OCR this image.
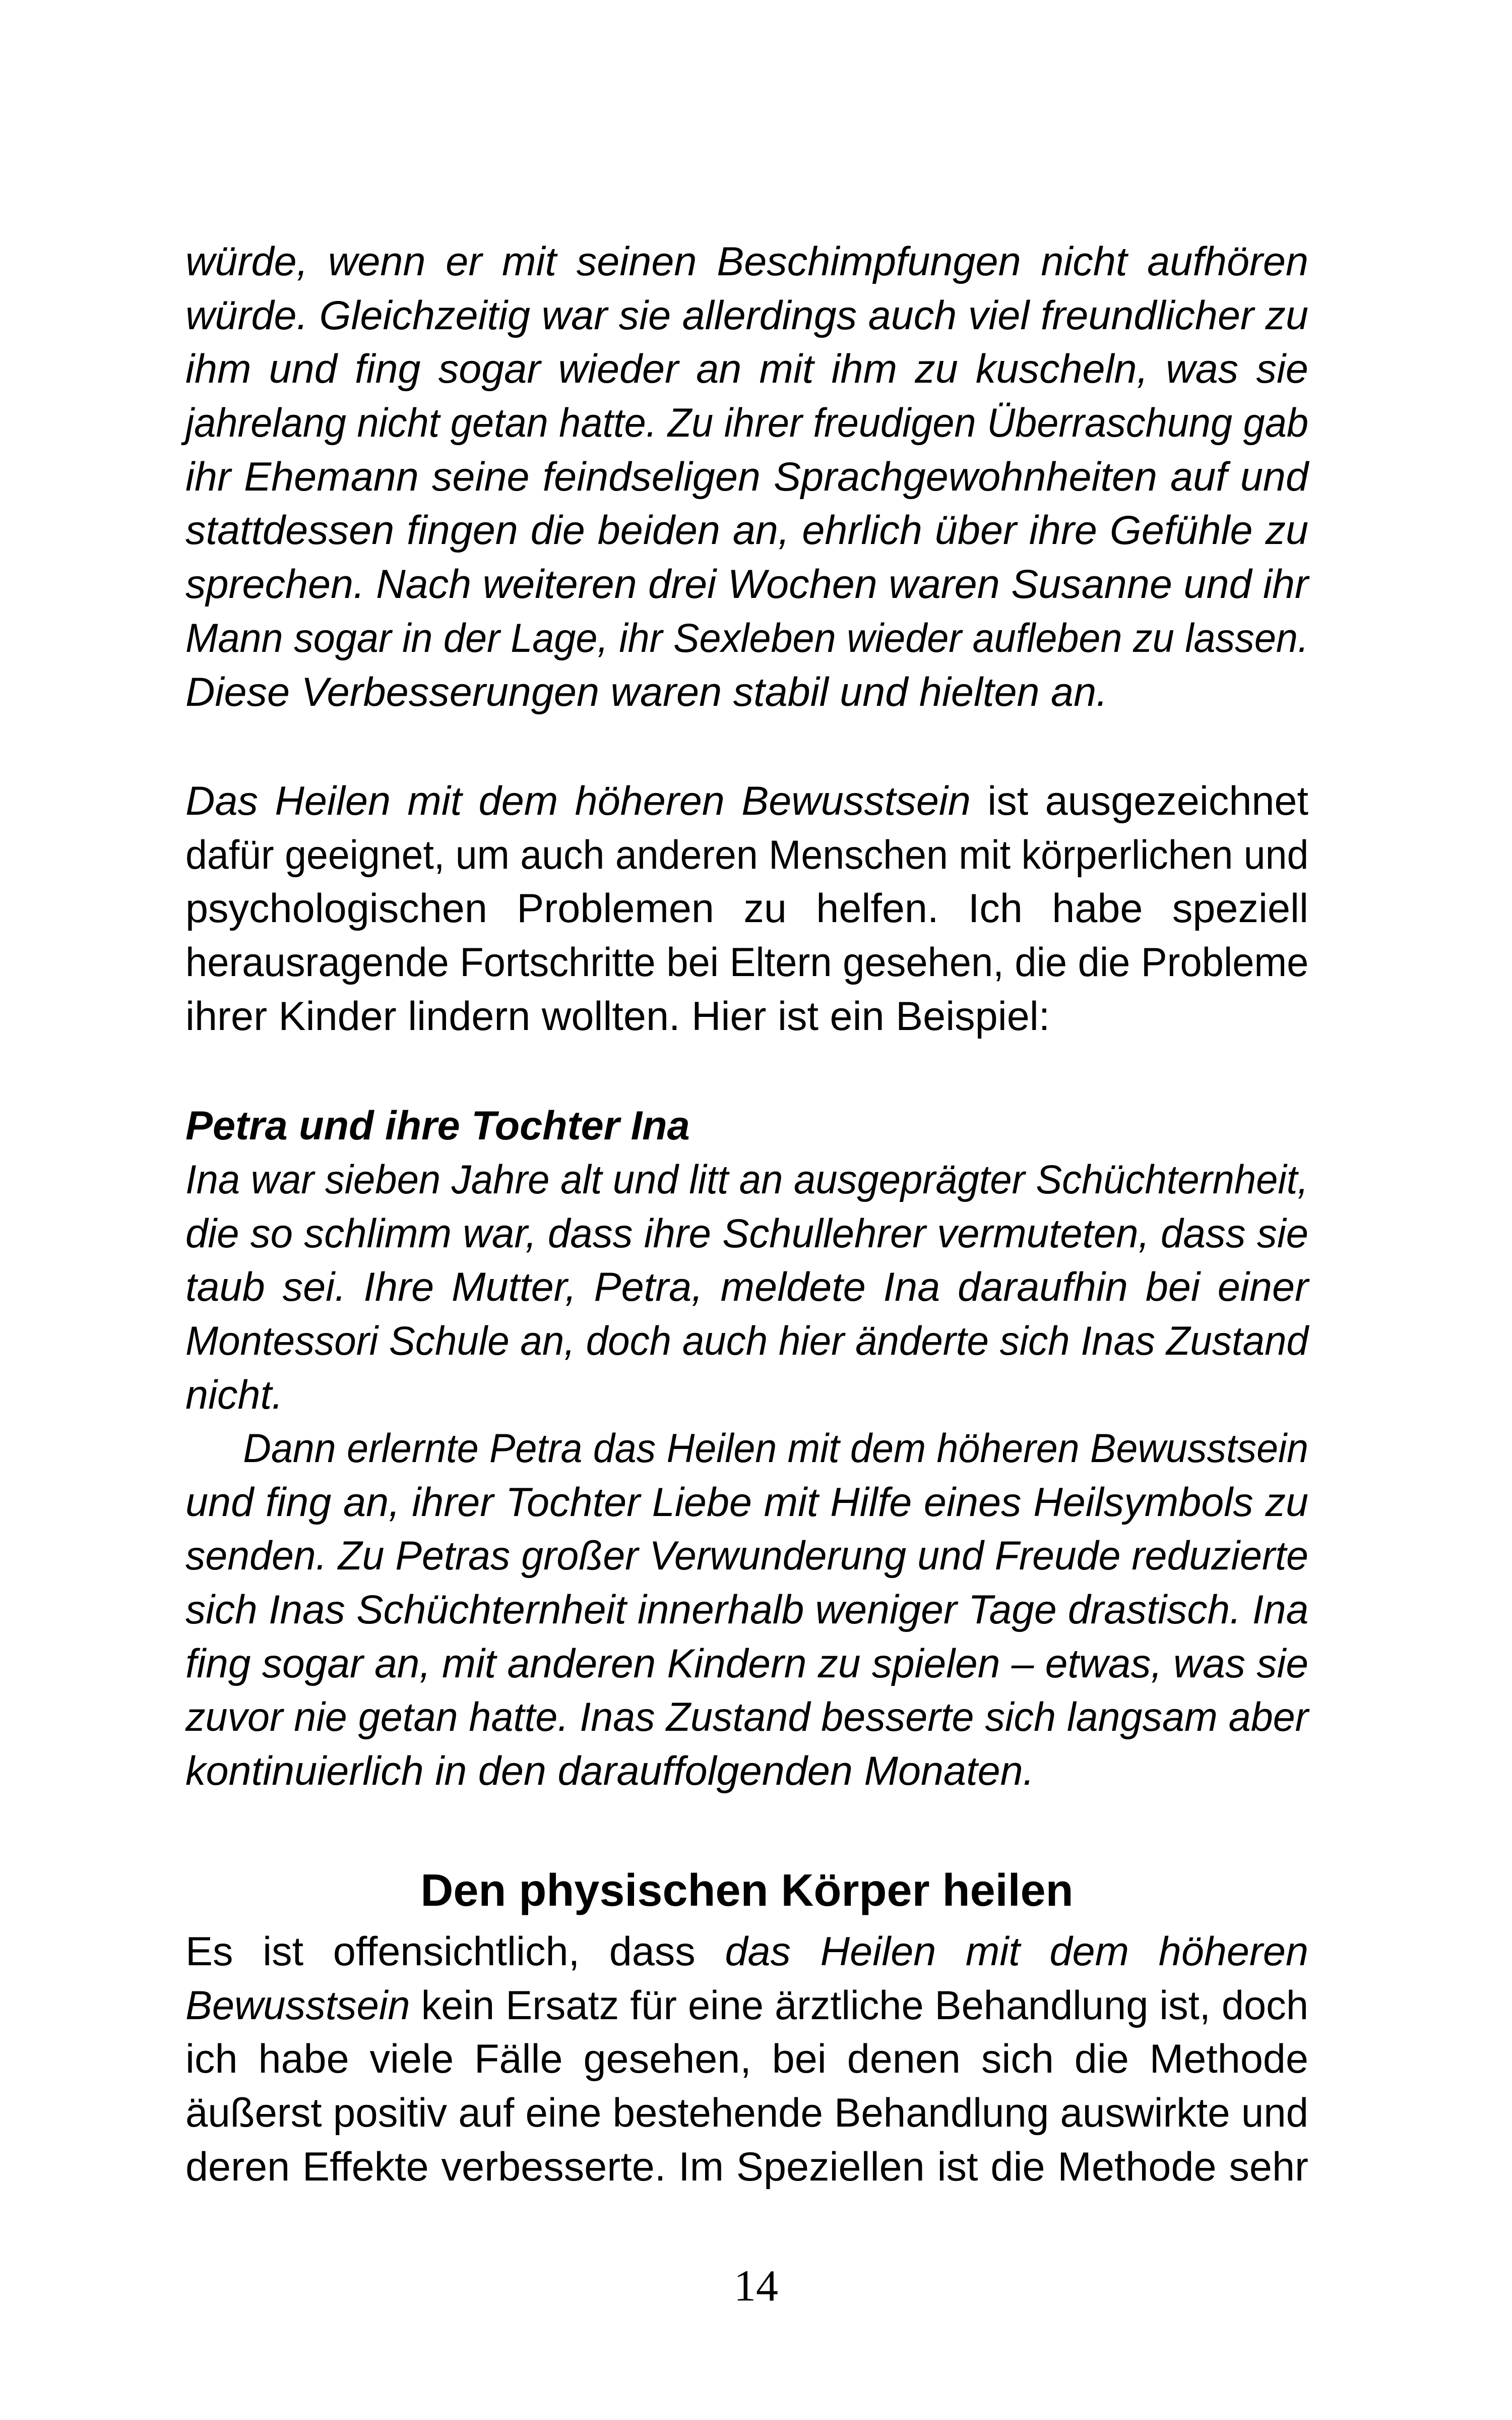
würde, wenn er mit seinen Beschimpfungen nicht aufhören
würde. Gleichzeitig war sie allerdings auch viel freundlicher zu
ihm und fing sogar wieder an mit ihm zu kuscheln, was sie
jahrelang nicht getan hatte. Zu ihrer freudigen Überraschung gab
ihr Ehemann seine feindseligen Sprachgewohnheiten auf und
stattdessen fingen die beiden an, ehrlich über ihre Gefühle zu
sprechen. Nach weiteren drei Wochen waren Susanne und ihr
Mann sogar in der Lage, ihr Sexleben wieder aufleben zu lassen.
Diese Verbesserungen waren stabil und hielten an.
Das Heilen mit dem höheren Bewusstsein ist ausgezeichnet
dafür geeignet, um auch anderen Menschen mit körperlichen und
psychologischen Problemen zu helfen. Ich habe speziell
herausragende Fortschritte bei Eltern gesehen, die die Probleme
ihrer Kinder lindern wollten. Hier ist ein Beispiel:
Petra und ihre Tochter Ina
Ina war sieben Jahre alt und litt an ausgeprägter Schüchternheit,
die so schlimm war, dass ihre Schullehrer vermuteten, dass sie
taub sei. Ihre Mutter, Petra, meldete Ina daraufhin bei einer
Montessori Schule an, doch auch hier änderte sich Inas Zustand
nicht.
Dann erlernte Petra das Heilen mit dem höheren Bewusstsein
und fing an, ihrer Tochter Liebe mit Hilfe eines Heilsymbols zu
senden. Zu Petras großer Verwunderung und Freude reduzierte
sich Inas Schüchternheit innerhalb weniger Tage drastisch. Ina
fing sogar an, mit anderen Kindern zu spielen – etwas, was sie
zuvor nie getan hatte. Inas Zustand besserte sich langsam aber
kontinuierlich in den darauffolgenden Monaten.
Den physischen Körper heilen
Es ist offensichtlich, dass das Heilen mit dem höheren
Bewusstsein kein Ersatz für eine ärztliche Behandlung ist, doch
ich habe viele Fälle gesehen, bei denen sich die Methode
äußerst positiv auf eine bestehende Behandlung auswirkte und
deren Effekte verbesserte. Im Speziellen ist die Methode sehr
14
